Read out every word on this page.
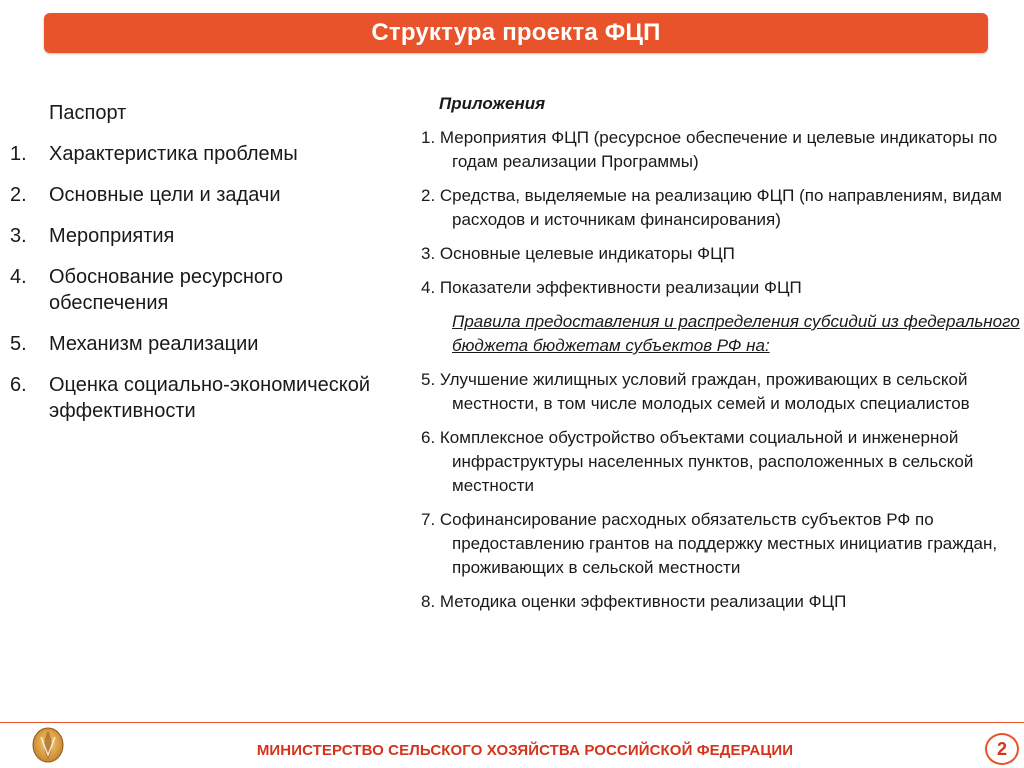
Структура проекта ФЦП
Паспорт
1.	Характеристика проблемы
2.	Основные цели и задачи
3.	Мероприятия
4.	Обоснование ресурсного обеспечения
5.	Механизм реализации
6.	Оценка социально-экономической эффективности
Приложения
1. Мероприятия ФЦП (ресурсное обеспечение и целевые индикаторы по годам реализации Программы)
2. Средства, выделяемые на реализацию ФЦП (по направлениям, видам расходов и источникам финансирования)
3. Основные целевые индикаторы ФЦП
4. Показатели эффективности реализации ФЦП
Правила предоставления и распределения субсидий из федерального бюджета бюджетам субъектов РФ на:
5. Улучшение жилищных условий граждан, проживающих в сельской местности, в том числе молодых семей и молодых специалистов
6. Комплексное обустройство объектами социальной и инженерной инфраструктуры населенных пунктов, расположенных в сельской местности
7. Софинансирование расходных обязательств субъектов РФ по предоставлению грантов на поддержку местных инициатив граждан, проживающих в сельской местности
8. Методика оценки эффективности реализации ФЦП
МИНИСТЕРСТВО СЕЛЬСКОГО ХОЗЯЙСТВА РОССИЙСКОЙ ФЕДЕРАЦИИ	2
